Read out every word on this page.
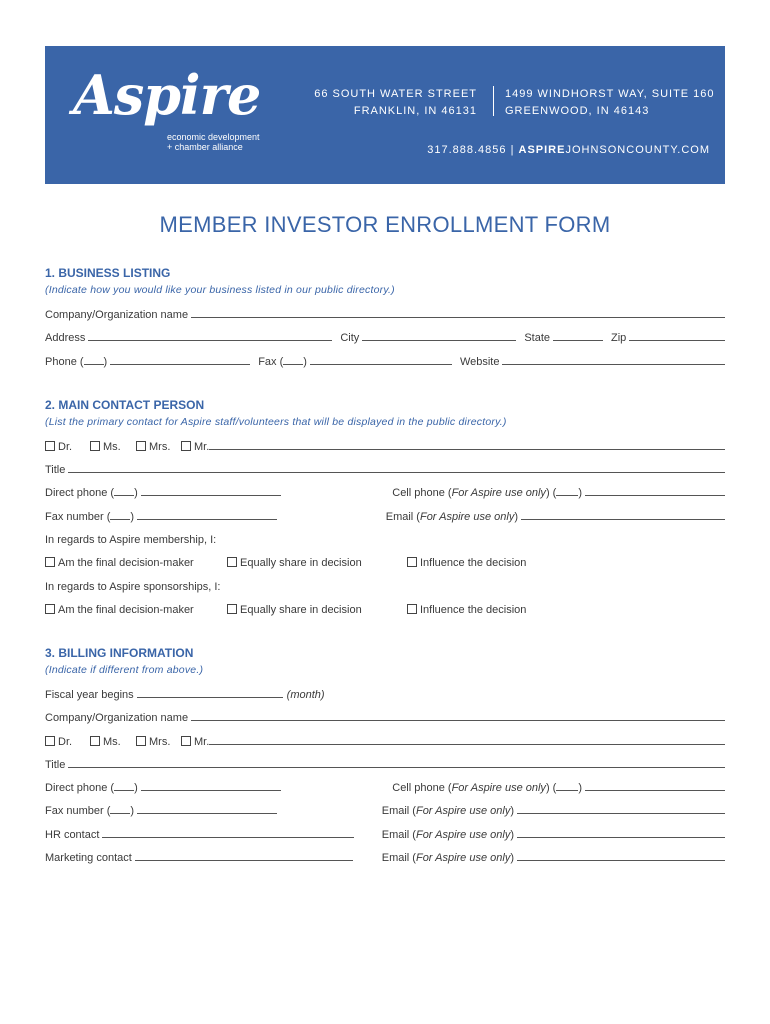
Aspire
economic development
+ chamber alliance
66 SOUTH WATER STREET
FRANKLIN, IN 46131
1499 WINDHORST WAY, SUITE 160
GREENWOOD, IN 46143
317.888.4856 | ASPIREJOHNSONCOUNTY.COM
MEMBER INVESTOR ENROLLMENT FORM
1. BUSINESS LISTING
(Indicate how you would like your business listed in our public directory.)
Company/Organization name
Address	City	State	Zip
Phone ( )	Fax ( )	Website
2. MAIN CONTACT PERSON
(List the primary contact for Aspire staff/volunteers that will be displayed in the public directory.)
Dr.	Ms.	Mrs. Mr.
Title
Direct phone ( )	Cell phone (For Aspire use only) ( )
Fax number ( )	Email (For Aspire use only)
In regards to Aspire membership, I:
Am the final decision-maker	Equally share in decision	Influence the decision
In regards to Aspire sponsorships, I:
Am the final decision-maker	Equally share in decision	Influence the decision
3. BILLING INFORMATION
(Indicate if different from above.)
Fiscal year begins	(month)
Company/Organization name
Dr.	Ms.	Mrs. Mr.
Title
Direct phone ( )	Cell phone (For Aspire use only) ( )
Fax number ( )	Email (For Aspire use only)
HR contact	Email (For Aspire use only)
Marketing contact	Email (For Aspire use only)
